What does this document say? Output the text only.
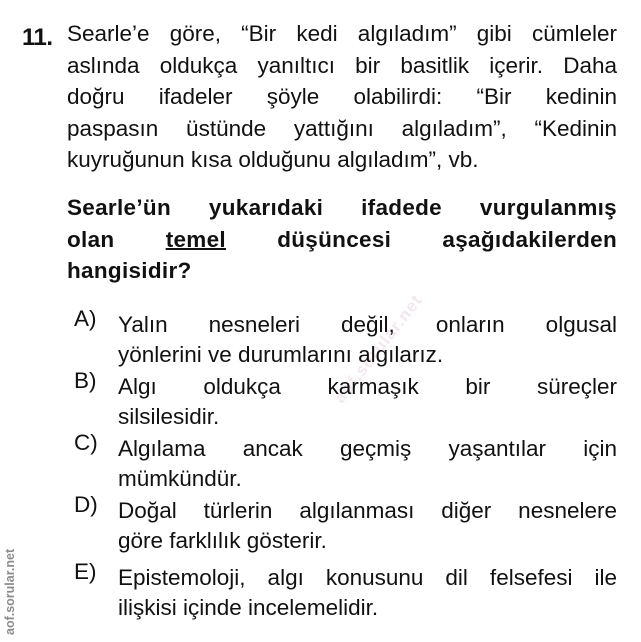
aof.sorular.net
aof.sorular.net
11. Searle’e göre, “Bir kedi algıladım” gibi cümleler
aslında oldukça yanıltıcı bir basitlik içerir. Daha
doğru ifadeler şöyle olabilirdi: “Bir kedinin
paspasın üstünde yattığını algıladım”, “Kedinin
kuyruğunun kısa olduğunu algıladım”, vb.
Searle’ün yukarıdaki ifadede vurgulanmış
olan temel düşüncesi aşağıdakilerden
hangisidir?
A) Yalın nesneleri değil, onların olgusal
yönlerini ve durumlarını algılarız.
B) Algı oldukça karmaşık bir süreçler
silsilesidir.
C) Algılama ancak geçmiş yaşantılar için
mümkündür.
D) Doğal türlerin algılanması diğer nesnelere
göre farklılık gösterir.
E) Epistemoloji, algı konusunu dil felsefesi ile
ilişkisi içinde incelemelidir.
